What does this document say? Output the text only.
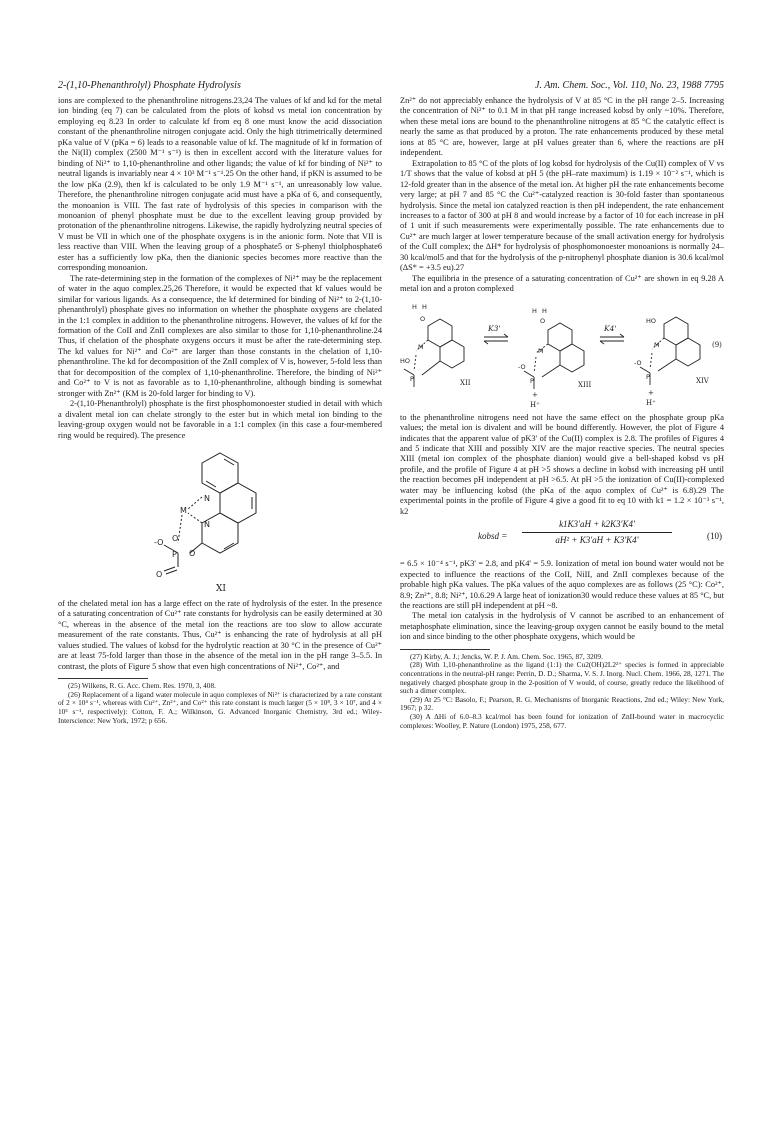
2-(1,10-Phenanthrolyl) Phosphate Hydrolysis	J. Am. Chem. Soc., Vol. 110, No. 23, 1988 7795

ions are complexed to the phenanthroline nitrogens.23,24 The values of kf and kd for the metal ion binding (eq 7) can be calculated from the plots of kobsd vs metal ion concentration by employing eq 8.23 In order to calculate kf from eq 8 one must know the acid dissociation constant of the phenanthroline nitrogen conjugate acid. Only the high titrimetrically determined pKa value of V (pKa = 6) leads to a reasonable value of kf. The magnitude of kf in formation of the Ni(II) complex (2500 M⁻¹ s⁻¹) is then in excellent accord with the literature values for binding of Ni²⁺ to 1,10-phenanthroline and other ligands; the value of kf for binding of Ni²⁺ to neutral ligands is invariably near 4 × 10³ M⁻¹ s⁻¹.25 On the other hand, if pKN is assumed to be the low pKa (2.9), then kf is calculated to be only 1.9 M⁻¹ s⁻¹, an unreasonably low value. Therefore, the phenanthroline nitrogen conjugate acid must have a pKa of 6, and consequently, the monoanion is VIII. The fast rate of hydrolysis of this species in comparison with the monoanion of phenyl phosphate must be due to the excellent leaving group provided by protonation of the phenanthroline nitrogens. Likewise, the rapidly hydrolyzing neutral species of V must be VII in which one of the phosphate oxygens is in the anionic form. Note that VII is less reactive than VIII. When the leaving group of a phosphate5 or S-phenyl thiolphosphate6 ester has a sufficiently low pKa, then the dianionic species becomes more reactive than the corresponding monoanion.

The rate-determining step in the formation of the complexes of Ni²⁺ may be the replacement of water in the aquo complex.25,26 Therefore, it would be expected that kf values would be similar for various ligands. As a consequence, the kf determined for binding of Ni²⁺ to 2-(1,10-phenanthrolyl) phosphate gives no information on whether the phosphate oxygens are chelated in the 1:1 complex in addition to the phenanthroline nitrogens. However, the values of kf for the formation of the CoII and ZnII complexes are also similar to those for 1,10-phenanthroline.24 Thus, if chelation of the phosphate oxygens occurs it must be after the rate-determining step. The kd values for Ni²⁺ and Co²⁺ are larger than those constants in the chelation of 1,10-phenanthroline. The kd for decomposition of the ZnII complex of V is, however, 5-fold less than that for decomposition of the complex of 1,10-phenanthroline. Therefore, the binding of Ni²⁺ and Co²⁺ to V is not as favorable as to 1,10-phenanthroline, although binding is somewhat stronger with Zn²⁺ (KM is 20-fold larger for binding to V).

2-(1,10-Phenanthrolyl) phosphate is the first phosphomonoester studied in detail with which a divalent metal ion can chelate strongly to the ester but in which metal ion binding to the leaving-group oxygen would not be favorable in a 1:1 complex (in this case a four-membered ring would be required). The presence

N
N
M
O
P
-O
O
O
XI

of the chelated metal ion has a large effect on the rate of hydrolysis of the ester. In the presence of a saturating concentration of Cu²⁺ rate constants for hydrolysis can be easily determined at 30 °C, whereas in the absence of the metal ion the reactions are too slow to allow accurate measurement of the rate constants. Thus, Cu²⁺ is enhancing the rate of hydrolysis at all pH values studied. The values of kobsd for the hydrolytic reaction at 30 °C in the presence of Cu²⁺ are at least 75-fold larger than those in the absence of the metal ion in the pH range 3–5.5. In contrast, the plots of Figure 5 show that even high concentrations of Ni²⁺, Co²⁺, and

(25) Wilkens, R. G. Acc. Chem. Res. 1970, 3, 408.

(26) Replacement of a ligand water molecule in aquo complexes of Ni²⁺ is characterized by a rate constant of 2 × 10⁴ s⁻¹, whereas with Cu²⁺, Zn²⁺, and Co²⁺ this rate constant is much larger (5 × 10⁸, 3 × 10⁷, and 4 × 10⁵ s⁻¹, respectively): Cotton, F. A.; Wilkinson, G. Advanced Inorganic Chemistry, 3rd ed.; Wiley-Interscience: New York, 1972; p 656.

Zn²⁺ do not appreciably enhance the hydrolysis of V at 85 °C in the pH range 2–5. Increasing the concentration of Ni²⁺ to 0.1 M in that pH range increased kobsd by only ~10%. Therefore, when these metal ions are bound to the phenanthroline nitrogens at 85 °C the catalytic effect is nearly the same as that produced by a proton. The rate enhancements produced by these metal ions at 85 °C are, however, large at pH values greater than 6, where the reactions are pH independent.

Extrapolation to 85 °C of the plots of log kobsd for hydrolysis of the Cu(II) complex of V vs 1/T shows that the value of kobsd at pH 5 (the pH–rate maximum) is 1.19 × 10⁻² s⁻¹, which is 12-fold greater than in the absence of the metal ion. At higher pH the rate enhancements become very large; at pH 7 and 85 °C the Cu²⁺-catalyzed reaction is 30-fold faster than spontaneous hydrolysis. Since the metal ion catalyzed reaction is then pH independent, the rate enhancement increases to a factor of 300 at pH 8 and would increase by a factor of 10 for each increase in pH of 1 unit if such measurements were experimentally possible. The rate enhancements due to Cu²⁺ are much larger at lower temperature because of the small activation energy for hydrolysis of the CuII complex; the ΔH* for hydrolysis of phosphomonoester monoanions is normally 24–30 kcal/mol5 and that for the hydrolysis of the p-nitrophenyl phosphate dianion is 30.6 kcal/mol (ΔS* = +3.5 eu).27

The equilibria in the presence of a saturating concentration of Cu²⁺ are shown in eq 9.28 A metal ion and a proton complexed

H H
O
M
HO
P
H H
O
M
-O
P
HO
M
-O
P
K3'	K4'
XII	XIII	XIV
(9)
+
H⁺
+
H⁺

to the phenanthroline nitrogens need not have the same effect on the phosphate group pKa values; the metal ion is divalent and will be bound differently. However, the plot of Figure 4 indicates that the apparent value of pK3' of the Cu(II) complex is 2.8. The profiles of Figures 4 and 5 indicate that XIII and possibly XIV are the major reactive species. The neutral species XIII (metal ion complex of the phosphate dianion) would give a bell-shaped kobsd vs pH profile, and the profile of Figure 4 at pH >5 shows a decline in kobsd with increasing pH until the reaction becomes pH independent at pH >6.5. At pH >5 the ionization of Cu(II)-complexed water may be influencing kobsd (the pKa of the aquo complex of Cu²⁺ is 6.8).29 The experimental points in the profile of Figure 4 give a good fit to eq 10 with k1 = 1.2 × 10⁻³ s⁻¹, k2

kobsd = $\frac{k1K3'aH + k2K3'K4'}{\text{aH² + K3'aH + K3'K4'}}$	(10)

= 6.5 × 10⁻⁴ s⁻¹, pK3' = 2.8, and pK4' = 5.9. Ionization of metal ion bound water would not be expected to influence the reactions of the CoII, NiII, and ZnII complexes because of the probable high pKa values. The pKa values of the aquo complexes are as follows (25 °C): Co²⁺, 8.9; Zn²⁺, 8.8; Ni²⁺, 10.6.29 A large heat of ionization30 would reduce these values at 85 °C, but the reactions are still pH independent at pH ~8.

The metal ion catalysis in the hydrolysis of V cannot be ascribed to an enhancement of metaphosphate elimination, since the leaving-group oxygen cannot be easily bound to the metal ion and since binding to the other phosphate oxygens, which would be

(27) Kirby, A. J.; Jencks, W. P. J. Am. Chem. Soc. 1965, 87, 3209.

(28) With 1,10-phenanthroline as the ligand (1:1) the Cu2(OH)2L2²⁺ species is formed in appreciable concentrations in the neutral-pH range: Perrin, D. D.; Sharma, V. S. J. Inorg. Nucl. Chem. 1966, 28, 1271. The negatively charged phosphate group in the 2-position of V would, of course, greatly reduce the likelihood of such a dimer complex.

(29) At 25 °C: Basolo, F.; Pearson, R. G. Mechanisms of Inorganic Reactions, 2nd ed.; Wiley: New York, 1967; p 32.

(30) A ΔHi of 6.0–8.3 kcal/mol has been found for ionization of ZnII-bound water in macrocyclic complexes: Woolley, P. Nature (London) 1975, 258, 677.
